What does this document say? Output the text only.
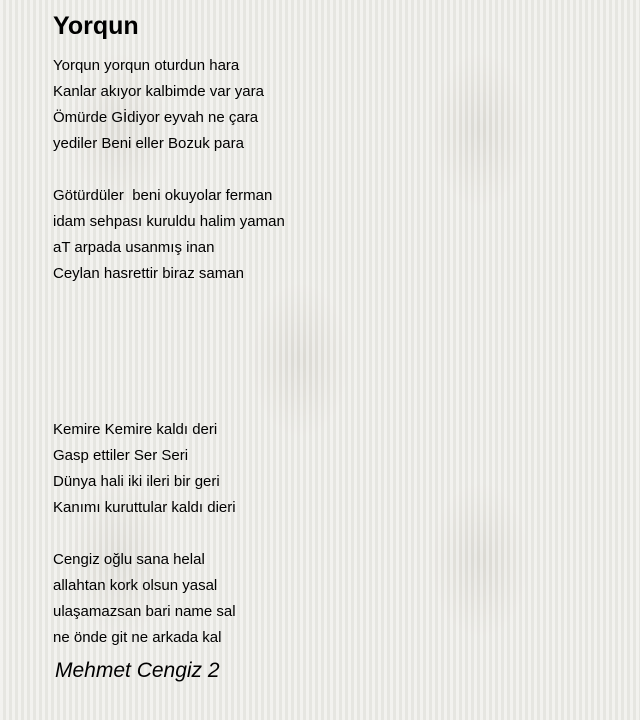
Yorqun
Yorqun yorqun oturdun hara
Kanlar akıyor kalbimde var yara
Ömürde Gİdiyor eyvah ne çara
yediler Beni eller Bozuk para
Götürdüler  beni okuyolar ferman
idam sehpası kuruldu halim yaman
aT arpada usanmış inan
Ceylan hasrettir biraz saman
Kemire Kemire kaldı deri
Gasp ettiler Ser Seri
Dünya hali iki ileri bir geri
Kanımı kuruttular kaldı dieri
Cengiz oğlu sana helal
allahtan kork olsun yasal
ulaşamazsan bari name sal
ne önde git ne arkada kal
Mehmet Cengiz 2
